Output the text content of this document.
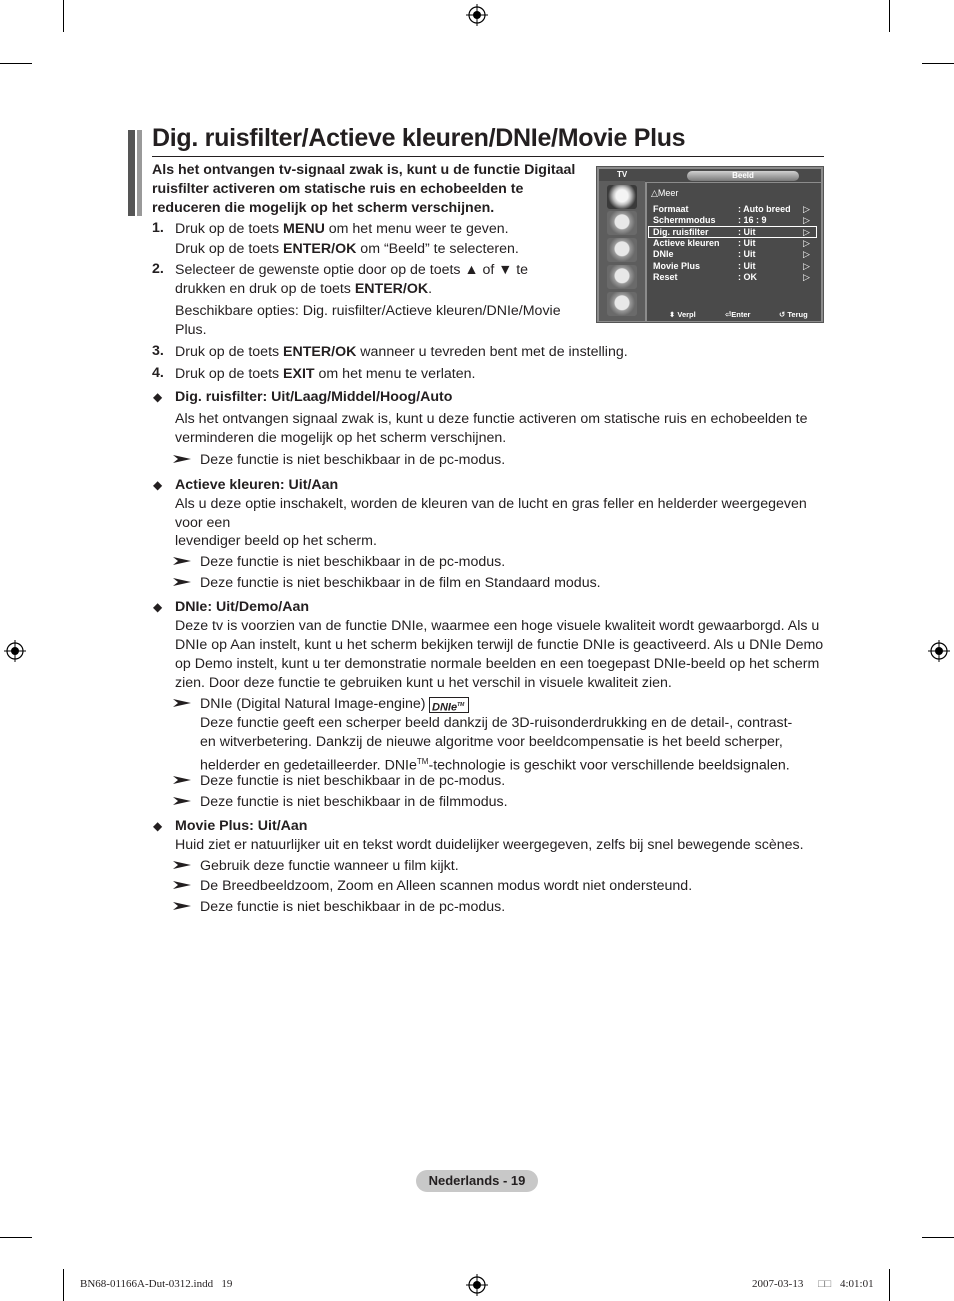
Dig. ruisfilter/Actieve kleuren/DNIe/Movie Plus
Als het ontvangen tv-signaal zwak is, kunt u de functie Digitaal
ruisfilter activeren om statische ruis en echobeelden te
reduceren die mogelijk op het scherm verschijnen.
1. Druk op de toets MENU om het menu weer te geven.
Druk op de toets ENTER/OK om “Beeld” te selecteren.
2. Selecteer de gewenste optie door op de toets ▲ of ▼ te
drukken en druk op de toets ENTER/OK.
Beschikbare opties: Dig. ruisfilter/Actieve kleuren/DNIe/Movie
Plus.
3. Druk op de toets ENTER/OK wanneer u tevreden bent met de instelling.
4. Druk op de toets EXIT om het menu te verlaten.
TV	Beeld
△Meer
⬍ Verpl	⏎Enter	↺ Terug
Formaat	: Auto breed ▷
Schermmodus : 16 : 9	▷
Dig. ruisfilter	: Uit	▷
Actieve kleuren : Uit	▷
DNIe	: Uit	▷
Movie Plus	: Uit	▷
Reset	: OK	▷
◆ Dig. ruisfilter: Uit/Laag/Middel/Hoog/Auto
Als het ontvangen signaal zwak is, kunt u deze functie activeren om statische ruis en echobeelden te
verminderen die mogelijk op het scherm verschijnen.
Deze functie is niet beschikbaar in de pc-modus.
◆ Actieve kleuren: Uit/Aan
Als u deze optie inschakelt, worden de kleuren van de lucht en gras feller en helderder weergegeven
voor een
levendiger beeld op het scherm.
Deze functie is niet beschikbaar in de pc-modus.
Deze functie is niet beschikbaar in de film en Standaard modus.
◆ DNIe: Uit/Demo/Aan
Deze tv is voorzien van de functie DNIe, waarmee een hoge visuele kwaliteit wordt gewaarborgd. Als u
DNIe op Aan instelt, kunt u het scherm bekijken terwijl de functie DNIe is geactiveerd. Als u DNIe Demo
op Demo instelt, kunt u ter demonstratie normale beelden en een toegepast DNIe-beeld op het scherm
zien. Door deze functie te gebruiken kunt u het verschil in visuele kwaliteit zien.
DNIe (Digital Natural Image-engine) DNIe™
Deze functie geeft een scherper beeld dankzij de 3D-ruisonderdrukking en de detail-, contrast-
en witverbetering. Dankzij de nieuwe algoritme voor beeldcompensatie is het beeld scherper,
helderder en gedetailleerder. DNIe™-technologie is geschikt voor verschillende beeldsignalen.
Deze functie is niet beschikbaar in de pc-modus.
Deze functie is niet beschikbaar in de filmmodus.
◆ Movie Plus: Uit/Aan
Huid ziet er natuurlijker uit en tekst wordt duidelijker weergegeven, zelfs bij snel bewegende scènes.
Gebruik deze functie wanneer u film kijkt.
De Breedbeeldzoom, Zoom en Alleen scannen modus wordt niet ondersteund.
Deze functie is niet beschikbaar in de pc-modus.
Nederlands - 19
BN68-01166A-Dut-0312.indd   19	2007-03-13 □□ 4:01:01
